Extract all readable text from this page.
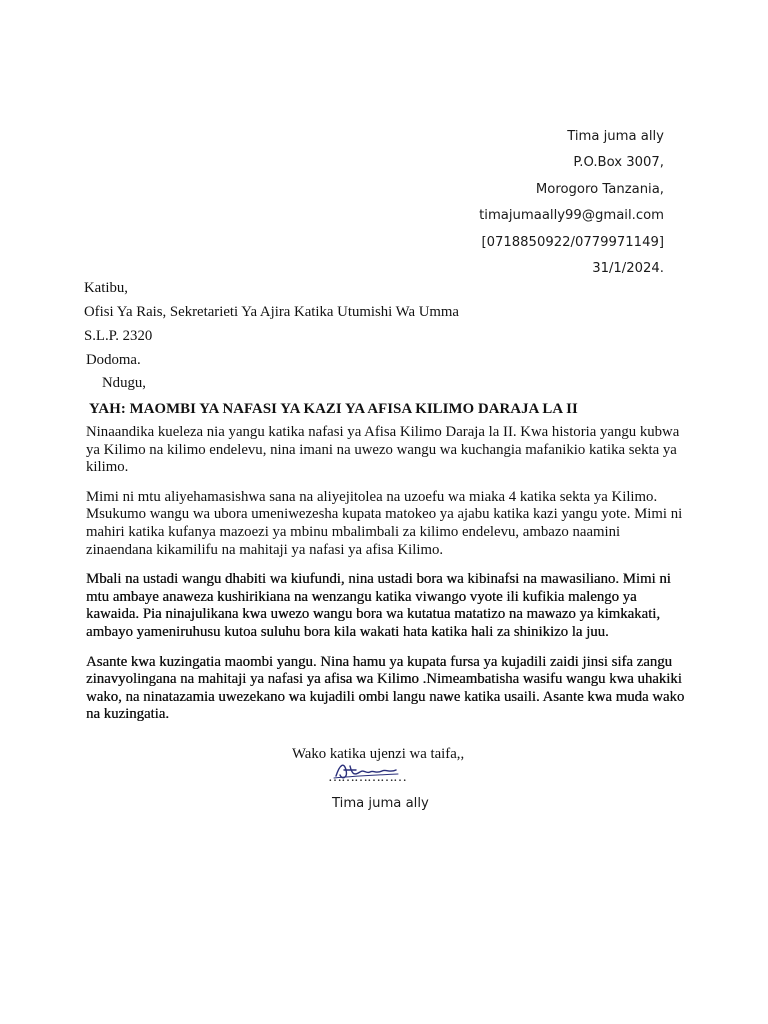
Tima juma ally
P.O.Box 3007,
Morogoro Tanzania,
timajumaally99@gmail.com
[0718850922/0779971149]
31/1/2024.
Katibu,
Ofisi Ya Rais, Sekretarieti Ya Ajira Katika Utumishi Wa Umma
S.L.P. 2320
Dodoma.
Ndugu,
YAH: MAOMBI YA NAFASI YA KAZI YA AFISA KILIMO DARAJA LA II

Ninaandika kueleza nia yangu katika nafasi ya Afisa Kilimo Daraja la II. Kwa historia yangu kubwa ya Kilimo na kilimo endelevu, nina imani na uwezo wangu wa kuchangia mafanikio katika sekta ya kilimo.

Mimi ni mtu aliyehamasishwa sana na aliyejitolea na uzoefu wa miaka 4 katika sekta ya Kilimo. Msukumo wangu wa ubora umeniwezesha kupata matokeo ya ajabu katika kazi yangu yote. Mimi ni mahiri katika kufanya mazoezi ya mbinu mbalimbali za kilimo endelevu, ambazo naamini zinaendana kikamilifu na mahitaji ya nafasi ya afisa Kilimo.

Mbali na ustadi wangu dhabiti wa kiufundi, nina ustadi bora wa kibinafsi na mawasiliano. Mimi ni mtu ambaye anaweza kushirikiana na wenzangu katika viwango vyote ili kufikia malengo ya kawaida. Pia ninajulikana kwa uwezo wangu bora wa kutatua matatizo na mawazo ya kimkakati, ambayo yameniruhusu kutoa suluhu bora kila wakati hata katika hali za shinikizo la juu.

Asante kwa kuzingatia maombi yangu. Nina hamu ya kupata fursa ya kujadili zaidi jinsi sifa zangu zinavyolingana na mahitaji ya nafasi ya afisa wa Kilimo .Nimeambatisha wasifu wangu kwa uhakiki wako, na ninatazamia uwezekano wa kujadili ombi langu nawe katika usaili. Asante kwa muda wako na kuzingatia.

Wako katika ujenzi wa taifa,,
………………
Tima juma ally
